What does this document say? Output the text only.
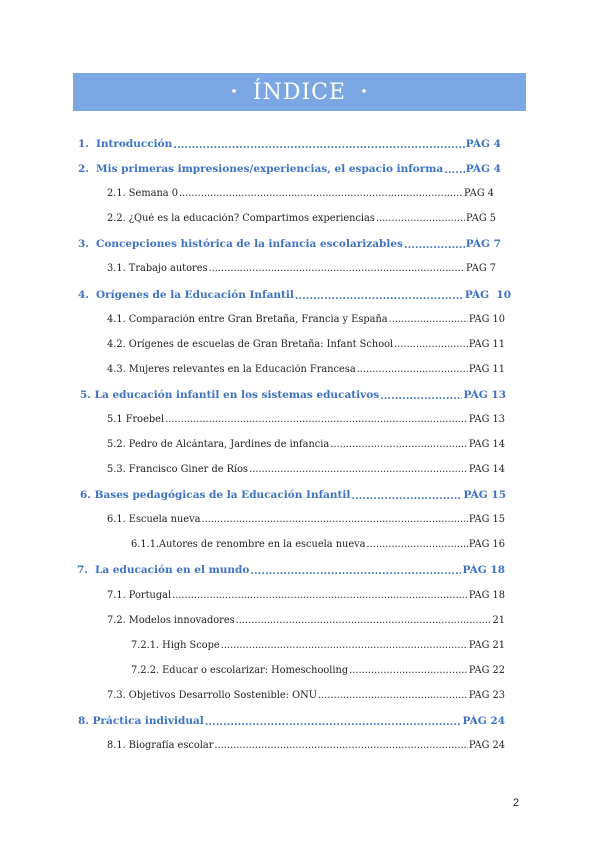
• ÍNDICE •
1. Introducción .....	PÁG 4
2. Mis primeras impresiones/experiencias, el espacio informa ..... PÁG 4
2.1. Semana 0 .....	PÁG 4
2.2. ¿Qué es la educación? Compartimos experiencias .....	PÁG 5
3. Concepciones histórica de la infancia escolarizables .....	PÁG 7
3.1. Trabajo autores .....	PÁG 7
4. Orígenes de la Educación Infantil .....	PÁG  10
4.1. Comparación entre Gran Bretaña, Francia y España .....	PÁG 10
4.2. Orígenes de escuelas de Gran Bretaña: Infant School .....	PÁG 11
4.3. Mujeres relevantes en la Educación Francesa .....	PÁG 11
5. La educación infantil en los sistemas educativos .....	PÁG 13
5.1 Froebel .....	PÁG 13
5.2. Pedro de Alcántara, Jardines de infancia .....	PÁG 14
5.3. Francisco Giner de Ríos .....	PÁG 14
6. Bases pedagógicas de la Educación Infantil .....	PÁG 15
6.1. Escuela nueva .....	PÁG 15
6.1.1.Autores de renombre en la escuela nueva .....	PÁG 16
7. La educación en el mundo .....	PÁG 18
7.1. Portugal .....	PÁG 18
7.2. Modelos innovadores .....	21
7.2.1. High Scope .....	PÁG 21
7.2.2. Educar o escolarizar: Homeschooling .....	PÁG 22
7.3. Objetivos Desarrollo Sostenible: ONU .....	PÁG 23
8. Práctica individual .....	PÁG 24
8.1. Biografía escolar .....	PÁG 24
2
